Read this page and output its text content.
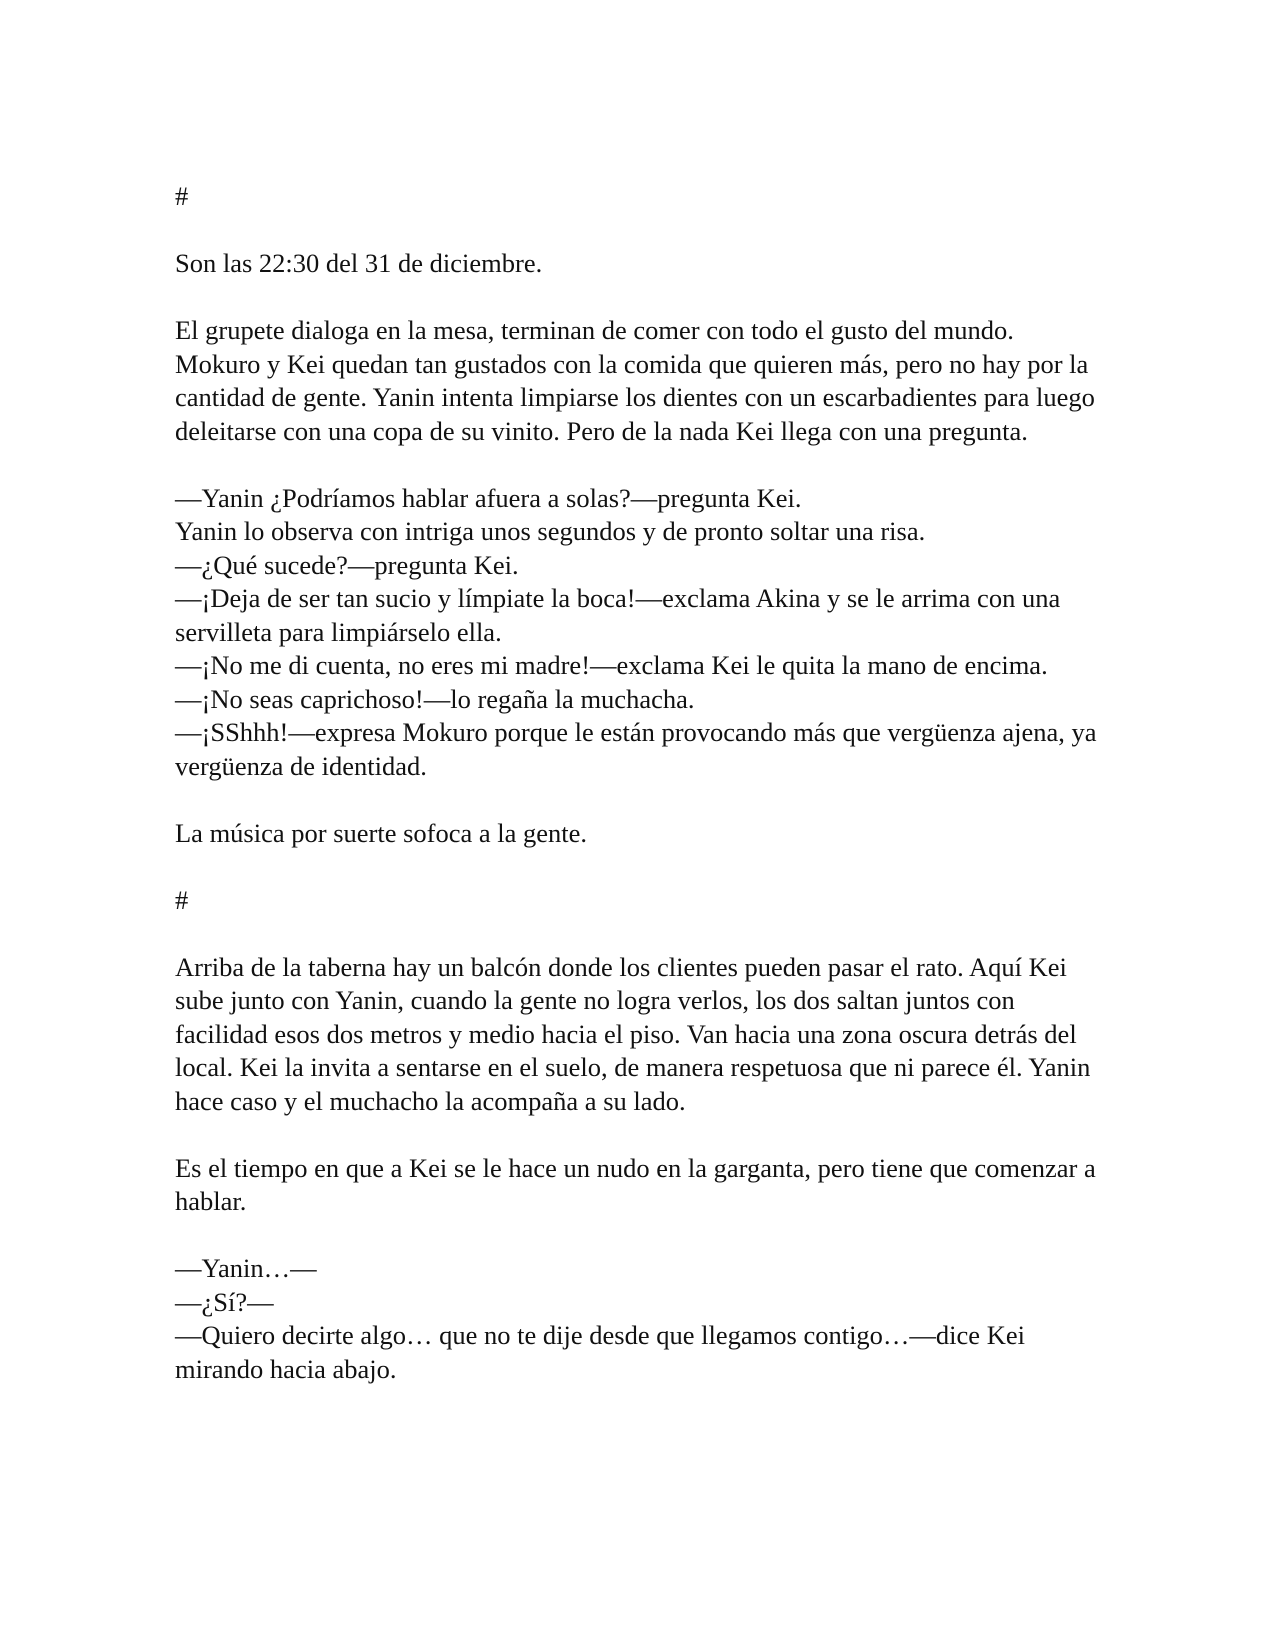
#

Son las 22:30 del 31 de diciembre.

El grupete dialoga en la mesa, terminan de comer con todo el gusto del mundo. Mokuro y Kei quedan tan gustados con la comida que quieren más, pero no hay por la cantidad de gente. Yanin intenta limpiarse los dientes con un escarbadientes para luego deleitarse con una copa de su vinito. Pero de la nada Kei llega con una pregunta.

—Yanin ¿Podríamos hablar afuera a solas?—pregunta Kei.

Yanin lo observa con intriga unos segundos y de pronto soltar una risa.

—¿Qué sucede?—pregunta Kei.

—¡Deja de ser tan sucio y límpiate la boca!—exclama Akina y se le arrima con una servilleta para limpiárselo ella.

—¡No me di cuenta, no eres mi madre!—exclama Kei le quita la mano de encima.

—¡No seas caprichoso!—lo regaña la muchacha.

—¡SShhh!—expresa Mokuro porque le están provocando más que vergüenza ajena, ya vergüenza de identidad.

La música por suerte sofoca a la gente.

#

Arriba de la taberna hay un balcón donde los clientes pueden pasar el rato. Aquí Kei sube junto con Yanin, cuando la gente no logra verlos, los dos saltan juntos con facilidad esos dos metros y medio hacia el piso. Van hacia una zona oscura detrás del local. Kei la invita a sentarse en el suelo, de manera respetuosa que ni parece él. Yanin hace caso y el muchacho la acompaña a su lado.

Es el tiempo en que a Kei se le hace un nudo en la garganta, pero tiene que comenzar a hablar.

—Yanin…—

—¿Sí?—

—Quiero decirte algo… que no te dije desde que llegamos contigo…—dice Kei mirando hacia abajo.
